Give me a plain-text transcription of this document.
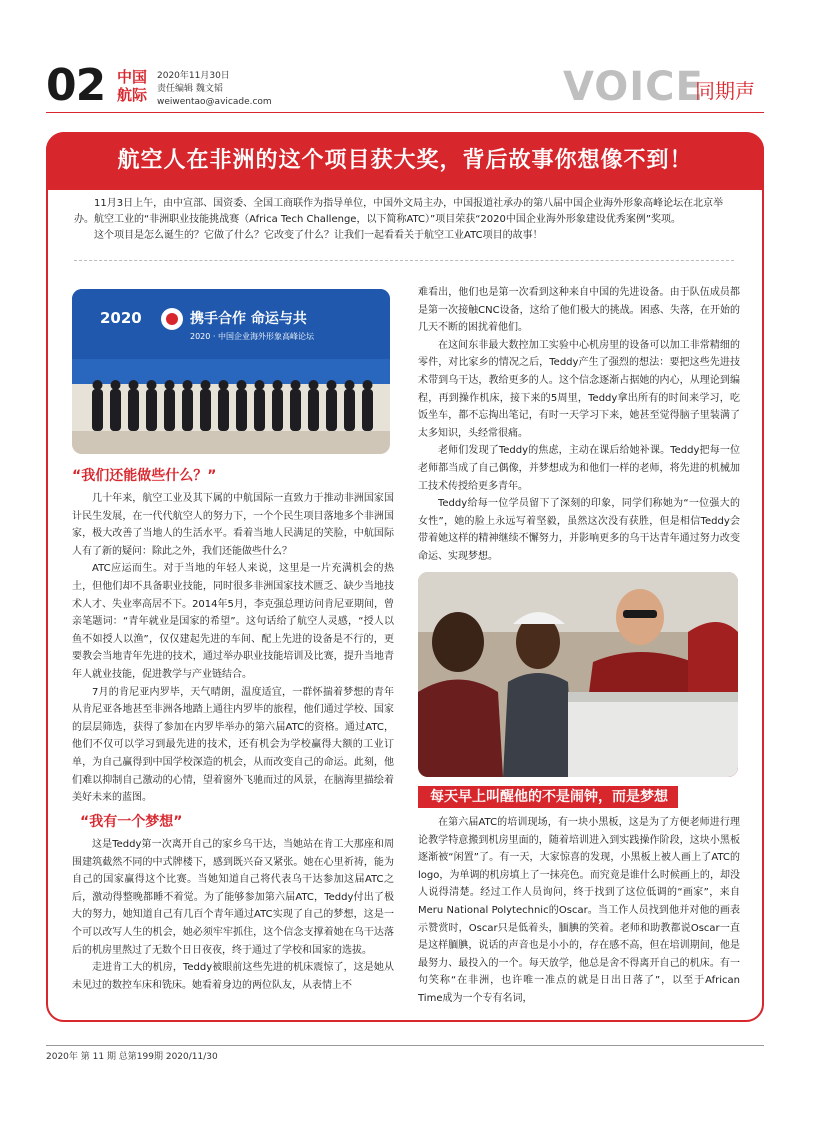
02 中国
航际
2020年11月30日
责任编辑 魏文韬
weiwentao@avicade.com	VOICE
同期声
航空人在非洲的这个项目获大奖，背后故事你想像不到！

11月3日上午，由中宣部、国资委、全国工商联作为指导单位，中国外文局主办，中国报道社承办的第八届中国企业海外形象高峰论坛在北京举办。航空工业的“非洲职业技能挑战赛（Africa Tech Challenge，以下简称ATC）”项目荣获“2020中国企业海外形象建设优秀案例”奖项。

这个项目是怎么诞生的？它做了什么？它改变了什么？让我们一起看看关于航空工业ATC项目的故事！

2020	携手合作 命运与共
2020 · 中国企业海外形象高峰论坛
“我们还能做些什么？”

几十年来，航空工业及其下属的中航国际一直致力于推动非洲国家国计民生发展，在一代代航空人的努力下，一个个民生项目落地多个非洲国家，极大改善了当地人的生活水平。看着当地人民满足的笑脸，中航国际人有了新的疑问：除此之外，我们还能做些什么？

ATC应运而生。对于当地的年轻人来说，这里是一片充满机会的热土，但他们却不具备职业技能，同时很多非洲国家技术匮乏、缺少当地技术人才、失业率高居不下。2014年5月，李克强总理访问肯尼亚期间，曾亲笔题词：“青年就业是国家的希望”。这句话给了航空人灵感，“授人以鱼不如授人以渔”，仅仅建起先进的车间、配上先进的设备是不行的，更要教会当地青年先进的技术，通过举办职业技能培训及比赛，提升当地青年人就业技能，促进教学与产业链结合。

7月的肯尼亚内罗毕，天气晴朗，温度适宜，一群怀揣着梦想的青年从肯尼亚各地甚至非洲各地踏上通往内罗毕的旅程，他们通过学校、国家的层层筛选，获得了参加在内罗毕举办的第六届ATC的资格。通过ATC，他们不仅可以学习到最先进的技术，还有机会为学校赢得大额的工业订单，为自己赢得到中国学校深造的机会，从而改变自己的命运。此刻，他们难以抑制自己激动的心情，望着窗外飞驰而过的风景，在脑海里描绘着美好未来的蓝图。

“我有一个梦想”

这是Teddy第一次离开自己的家乡乌干达，当她站在肯工大那座和周围建筑截然不同的中式牌楼下，感到既兴奋又紧张。她在心里祈祷，能为自己的国家赢得这个比赛。当她知道自己将代表乌干达参加这届ATC之后，激动得整晚都睡不着觉。为了能够参加第六届ATC，Teddy付出了极大的努力，她知道自己有几百个青年通过ATC实现了自己的梦想，这是一个可以改写人生的机会，她必须牢牢抓住，这个信念支撑着她在乌干达落后的机房里熬过了无数个日日夜夜，终于通过了学校和国家的选拔。

走进肯工大的机房，Teddy被眼前这些先进的机床震惊了，这是她从未见过的数控车床和铣床。她看着身边的两位队友，从表情上不

难看出，他们也是第一次看到这种来自中国的先进设备。由于队伍成员都是第一次接触CNC设备，这给了他们极大的挑战。困惑、失落，在开始的几天不断的困扰着他们。

在这间东非最大数控加工实验中心机房里的设备可以加工非常精细的零件，对比家乡的情况之后，Teddy产生了强烈的想法：要把这些先进技术带到乌干达，教给更多的人。这个信念逐渐占据她的内心，从理论到编程，再到操作机床，接下来的5周里，Teddy拿出所有的时间来学习，吃饭坐车，都不忘掏出笔记，有时一天学习下来，她甚至觉得脑子里装满了太多知识，头经常很痛。

老师们发现了Teddy的焦虑，主动在课后给她补课。Teddy把每一位老师都当成了自己偶像，并梦想成为和他们一样的老师，将先进的机械加工技术传授给更多青年。

Teddy给每一位学员留下了深刻的印象，同学们称她为“一位强大的女性”，她的脸上永远写着坚毅，虽然这次没有获胜，但是相信Teddy会带着她这样的精神继续不懈努力，并影响更多的乌干达青年通过努力改变命运、实现梦想。

每天早上叫醒他的不是闹钟，而是梦想

在第六届ATC的培训现场，有一块小黑板，这是为了方便老师进行理论教学特意搬到机房里面的，随着培训进入到实践操作阶段，这块小黑板逐渐被“闲置”了。有一天，大家惊喜的发现，小黑板上被人画上了ATC的logo，为单调的机房填上了一抹亮色。而究竟是谁什么时候画上的，却没人说得清楚。经过工作人员询问，终于找到了这位低调的“画家”，来自Meru National Polytechnic的Oscar。当工作人员找到他并对他的画表示赞赏时，Oscar只是低着头，腼腆的笑着。老师和助教都说Oscar一直是这样腼腆，说话的声音也是小小的，存在感不高，但在培训期间，他是最努力、最投入的一个。每天放学，他总是舍不得离开自己的机床。有一句笑称“在非洲，也许唯一准点的就是日出日落了”，以至于African Time成为一个专有名词，

2020年 第 11 期 总第199期 2020/11/30
